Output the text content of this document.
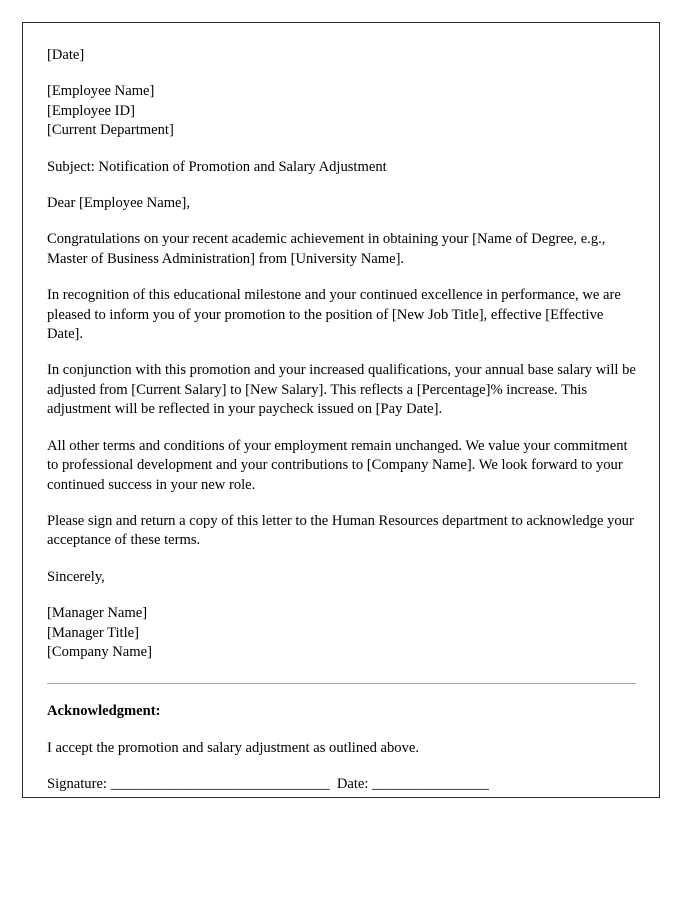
[Date]

[Employee Name]
[Employee ID]
[Current Department]

Subject: Notification of Promotion and Salary Adjustment

Dear [Employee Name],

Congratulations on your recent academic achievement in obtaining your [Name of Degree, e.g., Master of Business Administration] from [University Name].

In recognition of this educational milestone and your continued excellence in performance, we are pleased to inform you of your promotion to the position of [New Job Title], effective [Effective Date].

In conjunction with this promotion and your increased qualifications, your annual base salary will be adjusted from [Current Salary] to [New Salary]. This reflects a [Percentage]% increase. This adjustment will be reflected in your paycheck issued on [Pay Date].

All other terms and conditions of your employment remain unchanged. We value your commitment to professional development and your contributions to [Company Name]. We look forward to your continued success in your new role.

Please sign and return a copy of this letter to the Human Resources department to acknowledge your acceptance of these terms.

Sincerely,

[Manager Name]
[Manager Title]
[Company Name]

Acknowledgment:

I accept the promotion and salary adjustment as outlined above.

Signature: ______________________________  Date: ________________
